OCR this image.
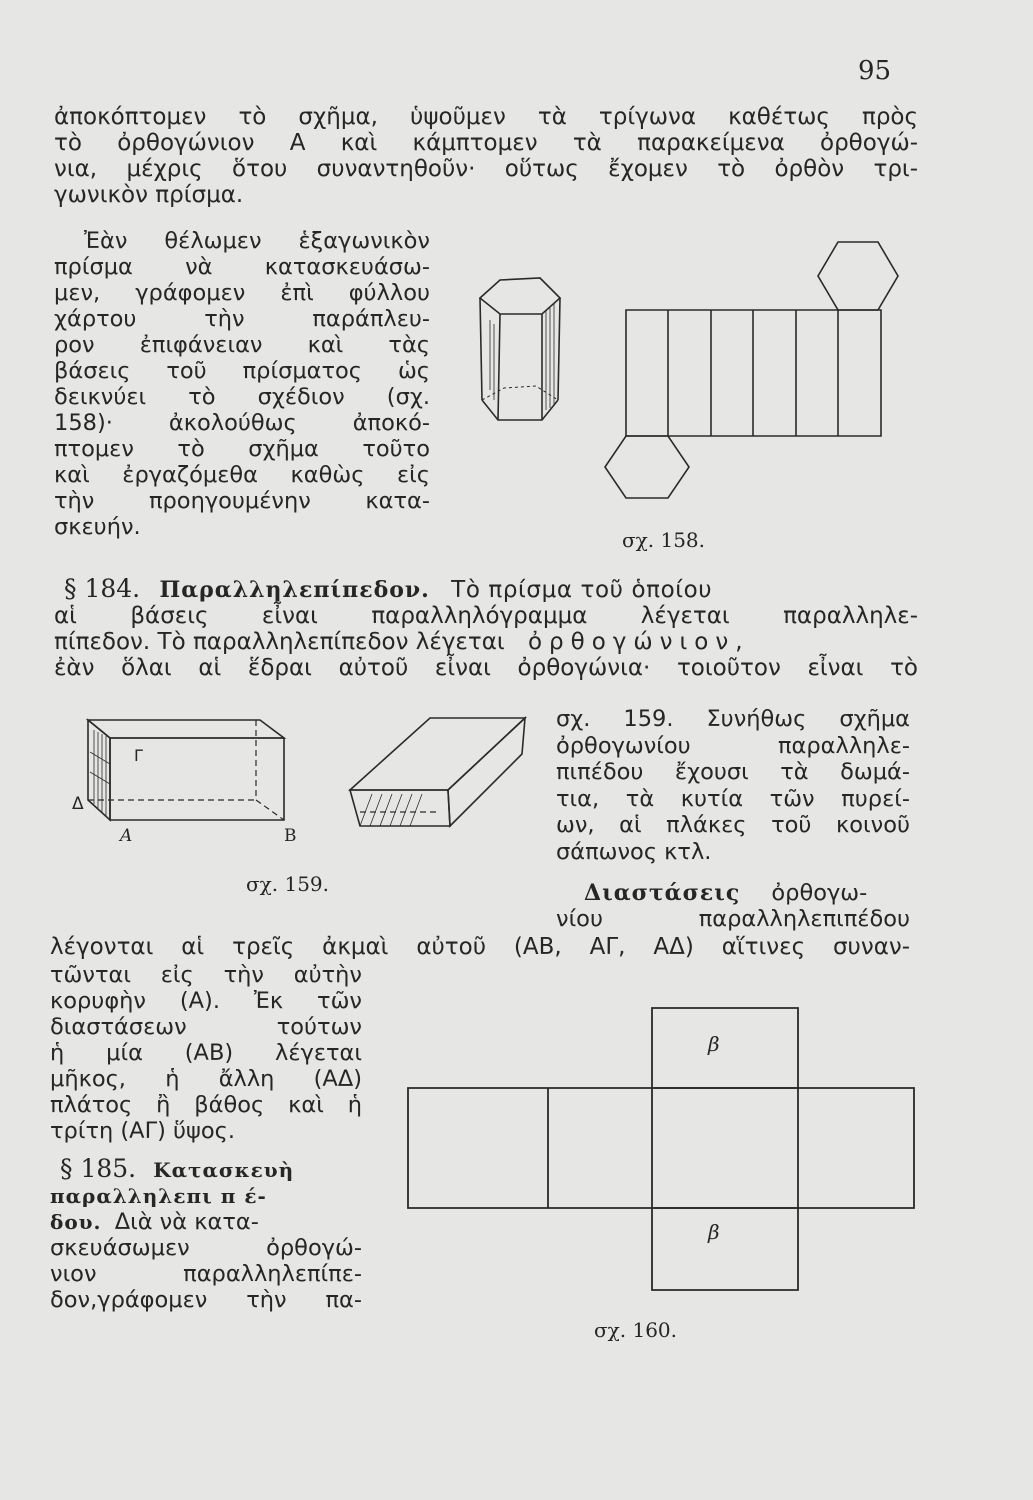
95
ἀποκόπτομεν τὸ σχῆμα, ὑψοῦμεν τὰ τρίγωνα καθέτως πρὸς
τὸ ὀρθογώνιον Α καὶ κάμπτομεν τὰ παρακείμενα ὀρθογώ-
νια, μέχρις ὅτου συναντηθοῦν· οὕτως ἔχομεν τὸ ὀρθὸν τρι-
γωνικὸν πρίσμα.
Ἐὰν θέλωμεν ἑξαγωνικὸν
πρίσμα νὰ κατασκευάσω-
μεν, γράφομεν ἐπὶ φύλλου
χάρτου τὴν παράπλευ-
ρον ἐπιφάνειαν καὶ τὰς
βάσεις τοῦ πρίσματος ὡς
δεικνύει τὸ σχέδιον (σχ.
158)· ἀκολούθως ἀποκό-
πτομεν τὸ σχῆμα τοῦτο
καὶ ἐργαζόμεθα καθὼς εἰς
τὴν προηγουμένην κατα-
σκευήν.	σχ. 158.
§ 184. Παραλληλεπίπεδον. Τὸ πρίσμα τοῦ ὁποίου
αἱ βάσεις εἶναι παραλληλόγραμμα λέγεται παραλληλε-
πίπεδον. Τὸ παραλληλεπίπεδον λέγεται ὀρθογώνιον,
ἐὰν ὅλαι αἱ ἕδραι αὐτοῦ εἶναι ὀρθογώνια· τοιοῦτον εἶναι τὸ
Γ
Δ
Α	Β
σχ. 159.
σχ. 159. Συνήθως σχῆμα
ὀρθογωνίου παραλληλε-
πιπέδου ἔχουσι τὰ δωμά-
τια, τὰ κυτία τῶν πυρεί-
ων, αἱ πλάκες τοῦ κοινοῦ
σάπωνος κτλ.
Διαστάσεις ὀρθογω-
νίου παραλληλεπιπέδου
λέγονται αἱ τρεῖς ἀκμαὶ αὐτοῦ (ΑΒ, ΑΓ, ΑΔ) αἵτινες συναν-
τῶνται εἰς τὴν αὐτὴν
κορυφὴν (Α). Ἐκ τῶν
διαστάσεων τούτων
ἡ μία (ΑΒ) λέγεται
μῆκος, ἡ ἄλλη (ΑΔ)
πλάτος ἢ βάθος καὶ ἡ
τρίτη (ΑΓ) ὕψος.
§ 185. Κατασκευὴ
παραλληλεπι π έ-
δου. Διὰ νὰ κατα-
σκευάσωμεν ὀρθογώ-
νιον παραλληλεπίπε-
δον,γράφομεν τὴν πα-
β
β
σχ. 160.
